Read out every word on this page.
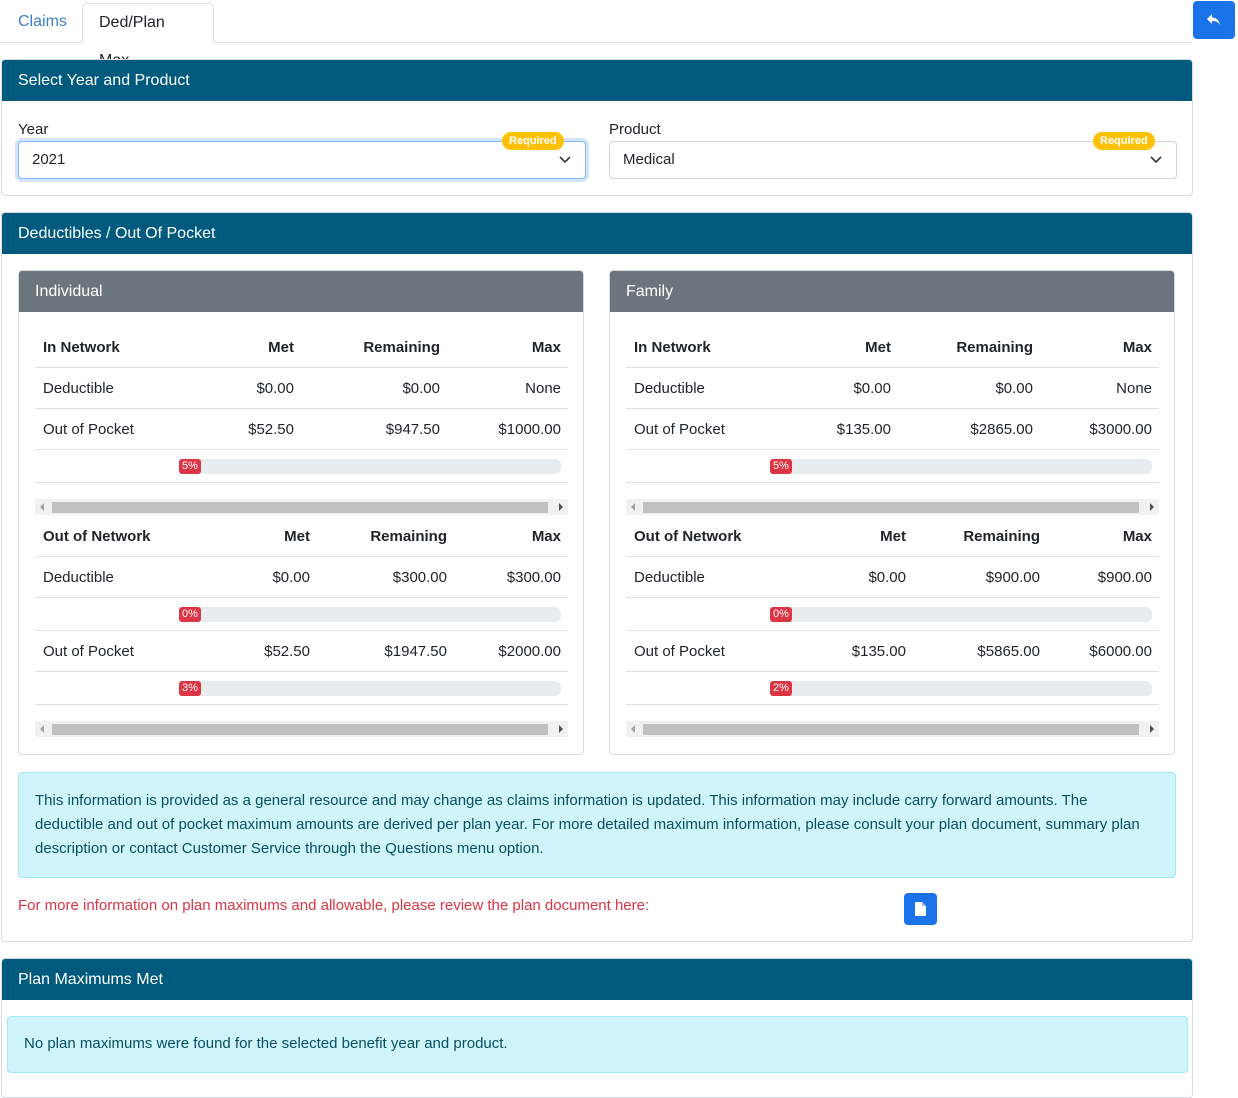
Claims	Ded/Plan
Select Year and Product
Year
2021
Required
Product
Medical
Required
Deductibles / Out Of Pocket
Individual
In Network	Met	Remaining	Max
Deductible	$0.00	$0.00	None
Out of Pocket	$52.50	$947.50	$1000.00
5%
Out of Network	Met	Remaining	Max
Deductible	$0.00	$300.00	$300.00
0%
Out of Pocket	$52.50	$1947.50	$2000.00
3%
Family
In Network	Met	Remaining	Max
Deductible	$0.00	$0.00	None
Out of Pocket	$135.00	$2865.00	$3000.00
5%
Out of Network	Met	Remaining	Max
Deductible	$0.00	$900.00	$900.00
0%
Out of Pocket	$135.00	$5865.00	$6000.00
2%
This information is provided as a general resource and may change as claims information is updated. This information may include carry forward amounts. The deductible and out of pocket maximum amounts are derived per plan year. For more detailed maximum information, please consult your plan document, summary plan description or contact Customer Service through the Questions menu option.
For more information on plan maximums and allowable, please review the plan document here:
Plan Maximums Met
No plan maximums were found for the selected benefit year and product.
